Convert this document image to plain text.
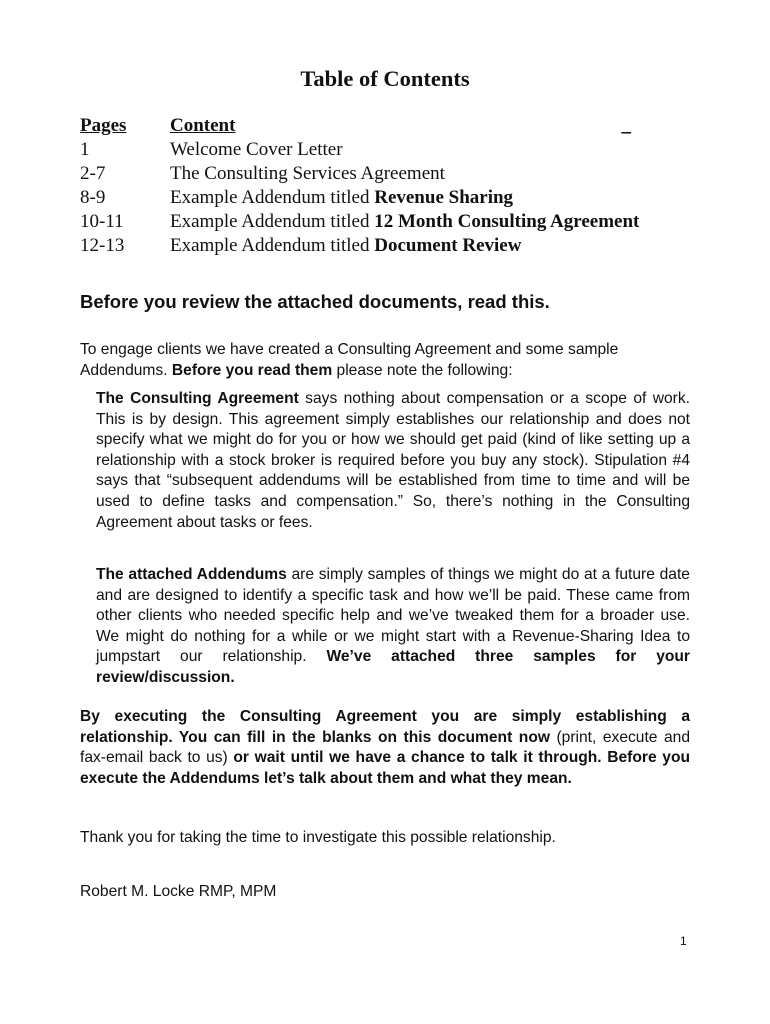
Table of Contents
Pages	Content	_
1	Welcome Cover Letter
2-7	The Consulting Services Agreement
8-9	Example Addendum titled Revenue Sharing
10-11	Example Addendum titled 12 Month Consulting Agreement
12-13	Example Addendum titled Document Review
Before you review the attached documents, read this.
To engage clients we have created a Consulting Agreement and some sample Addendums. Before you read them please note the following:
The Consulting Agreement says nothing about compensation or a scope of work. This is by design. This agreement simply establishes our relationship and does not specify what we might do for you or how we should get paid (kind of like setting up a relationship with a stock broker is required before you buy any stock). Stipulation #4 says that “subsequent addendums will be established from time to time and will be used to define tasks and compensation.” So, there’s nothing in the Consulting Agreement about tasks or fees.
The attached Addendums are simply samples of things we might do at a future date and are designed to identify a specific task and how we’ll be paid. These came from other clients who needed specific help and we’ve tweaked them for a broader use. We might do nothing for a while or we might start with a Revenue-Sharing Idea to jumpstart our relationship. We’ve attached three samples for your review/discussion.
By executing the Consulting Agreement you are simply establishing a relationship. You can fill in the blanks on this document now (print, execute and fax-email back to us) or wait until we have a chance to talk it through. Before you execute the Addendums let’s talk about them and what they mean.
Thank you for taking the time to investigate this possible relationship.
Robert M. Locke RMP, MPM
1
